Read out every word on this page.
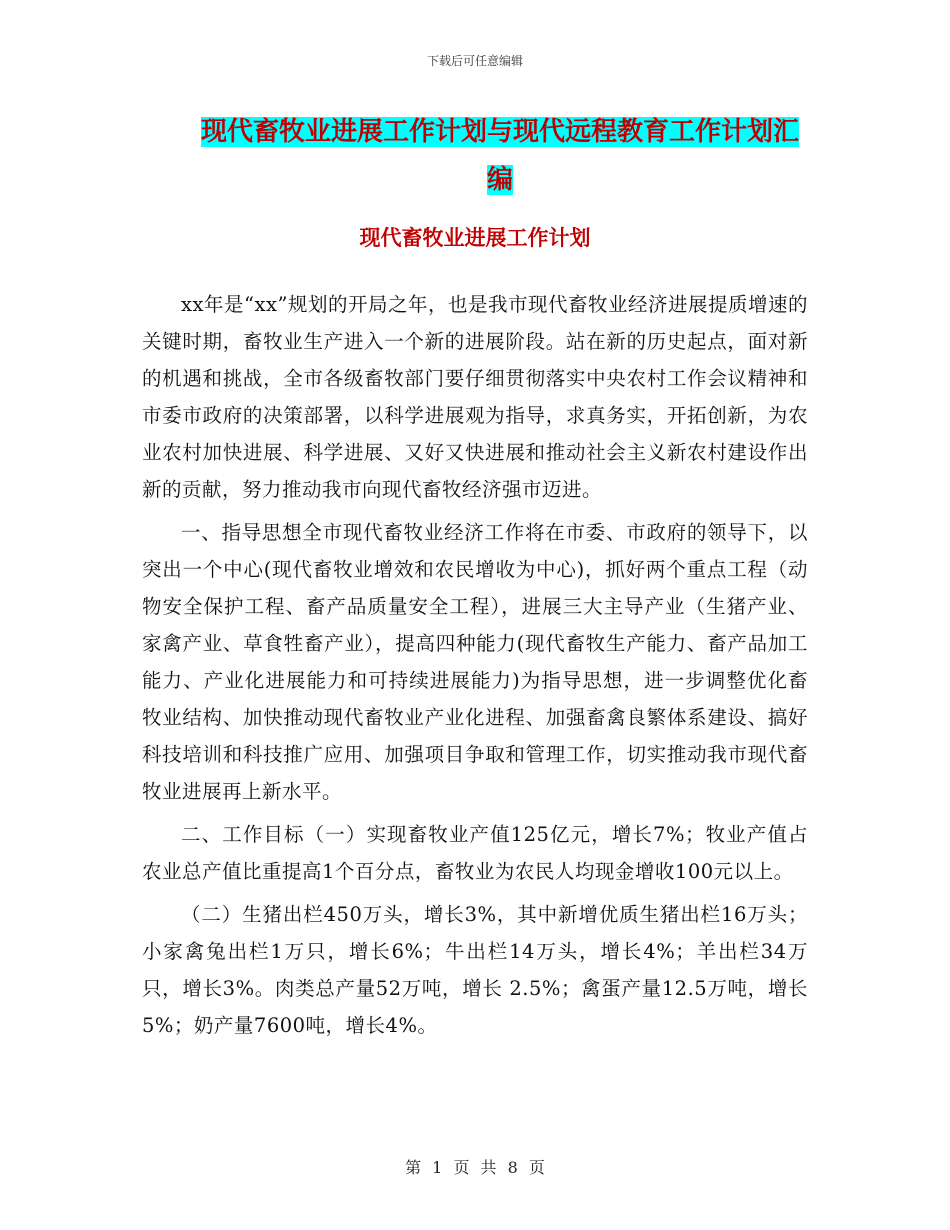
下载后可任意编辑
现代畜牧业进展工作计划与现代远程教育工作计划汇编
现代畜牧业进展工作计划

xx年是“xx”规划的开局之年，也是我市现代畜牧业经济进展提质增速的关键时期，畜牧业生产进入一个新的进展阶段。站在新的历史起点，面对新的机遇和挑战，全市各级畜牧部门要仔细贯彻落实中央农村工作会议精神和市委市政府的决策部署，以科学进展观为指导，求真务实，开拓创新，为农业农村加快进展、科学进展、又好又快进展和推动社会主义新农村建设作出新的贡献，努力推动我市向现代畜牧经济强市迈进。

一、指导思想全市现代畜牧业经济工作将在市委、市政府的领导下，以突出一个中心(现代畜牧业增效和农民增收为中心)，抓好两个重点工程（动物安全保护工程、畜产品质量安全工程），进展三大主导产业（生猪产业、家禽产业、草食牲畜产业），提高四种能力(现代畜牧生产能力、畜产品加工能力、产业化进展能力和可持续进展能力)为指导思想，进一步调整优化畜牧业结构、加快推动现代畜牧业产业化进程、加强畜禽良繁体系建设、搞好科技培训和科技推广应用、加强项目争取和管理工作，切实推动我市现代畜牧业进展再上新水平。

二、工作目标（一）实现畜牧业产值125亿元，增长7%；牧业产值占农业总产值比重提高1个百分点，畜牧业为农民人均现金增收100元以上。

（二）生猪出栏450万头，增长3%，其中新增优质生猪出栏16万头；小家禽兔出栏1万只，增长6%；牛出栏14万头，增长4%；羊出栏34万只，增长3%。肉类总产量52万吨，增长 2.5%；禽蛋产量12.5万吨，增长5%；奶产量7600吨，增长4%。

第 1 页 共 8 页
